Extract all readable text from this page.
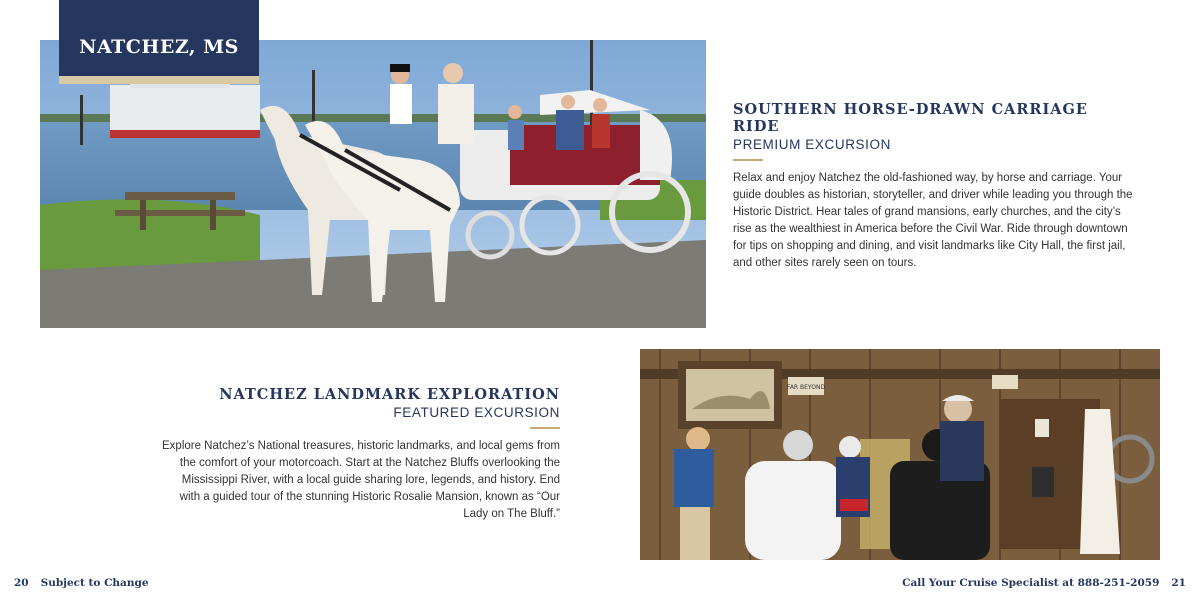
NATCHEZ, MS
SOUTHERN HORSE-DRAWN CARRIAGE RIDE
PREMIUM EXCURSION

Relax and enjoy Natchez the old-fashioned way, by horse and carriage. Your guide doubles as historian, storyteller, and driver while leading you through the Historic District. Hear tales of grand mansions, early churches, and the city’s rise as the wealthiest in America before the Civil War. Ride through downtown for tips on shopping and dining, and visit landmarks like City Hall, the first jail, and other sites rarely seen on tours.

NATCHEZ LANDMARK EXPLORATION
FEATURED EXCURSION

Explore Natchez’s National treasures, historic landmarks, and local gems from the comfort of your motorcoach. Start at the Natchez Bluffs overlooking the Mississippi River, with a local guide sharing lore, legends, and history. End with a guided tour of the stunning Historic Rosalie Mansion, known as “Our Lady on The Bluff.”

FAR BEYOND
20 Subject to Change	Call Your Cruise Specialist at 888-251-2059 21
